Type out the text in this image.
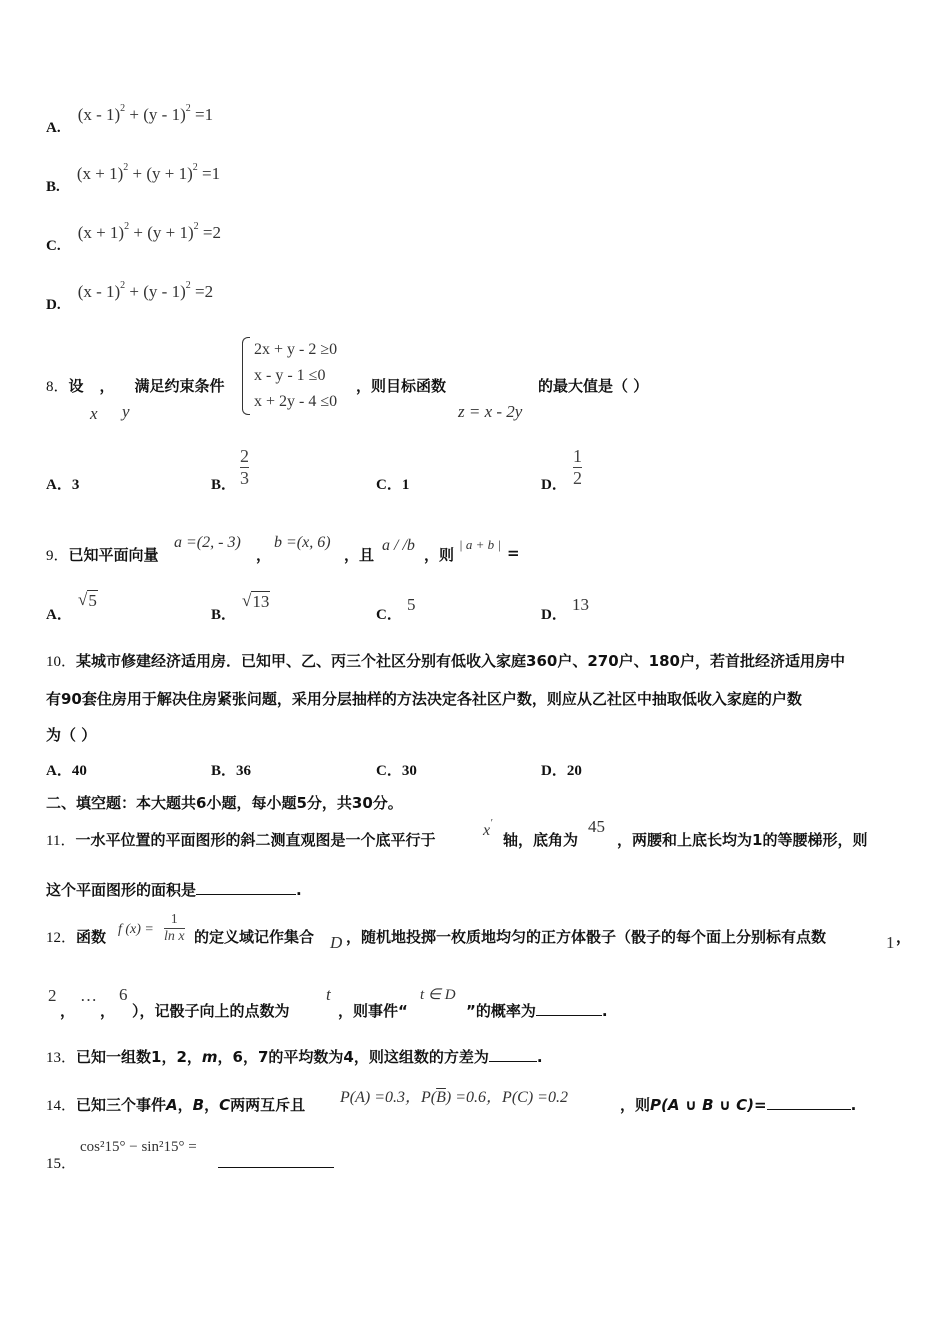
A. (x - 1)$^2$ + (y - 1)$^2$ =1
B. $(x + 1)^2 + (y + 1)^2 =1$
C. $(x + 1)^2 + (y + 1)^2 =2$
D. (x - 1)$^2$ + (y - 1)$^2$ =2
8．设 ， 满足约束条件
x y
2x + y - 2 ≥0
x - y - 1 ≤0
x + 2y - 4 ≤0
，则目标函数
z = x - 2y
的最大值是（ ）
A．3	B．
2
3	C．1	D．
1
2
9．已知平面向量
a =(2, - 3)
，
b =(x, 6)
，且
a / /b
，则
| a + b | =
A．
√ 5
B．
√ 13
C．
5
D．
13
10．某城市修建经济适用房．已知甲、乙、丙三个社区分别有低收入家庭360户、270户、180户，若首批经济适用房中
有90套住房用于解决住房紧张问题，采用分层抽样的方法决定各社区户数，则应从乙社区中抽取低收入家庭的户数
为（ ）
A．40	B．36	C．30	D．20
二、填空题：本大题共6小题，每小题5分，共30分。
11．一水平位置的平面图形的斜二测直观图是一个底平行于
x′
轴，底角为
45
，两腰和上底长均为1的等腰梯形，则
这个平面图形的面积是	.
12．函数 f (x) =
1
ln x 的定义域记作集合 D ，随机地投掷一枚质地均匀的正方体骰子（骰子的每个面上分别标有点数	1 ，
2
，
…
，
6
），记骰子向上的点数为
t
，则事件“
t ∈ D
”的概率为	.
13．已知一组数1，2，m，6，7的平均数为4，则这组数的方差为	.
14．已知三个事件A，B，C两两互斥且 P(A) =0.3，$P(\overline{B}) =0.6$，P(C) =0.2	，则P(A ∪ B ∪ C)=	.
15．
cos²15° − sin²15° =
